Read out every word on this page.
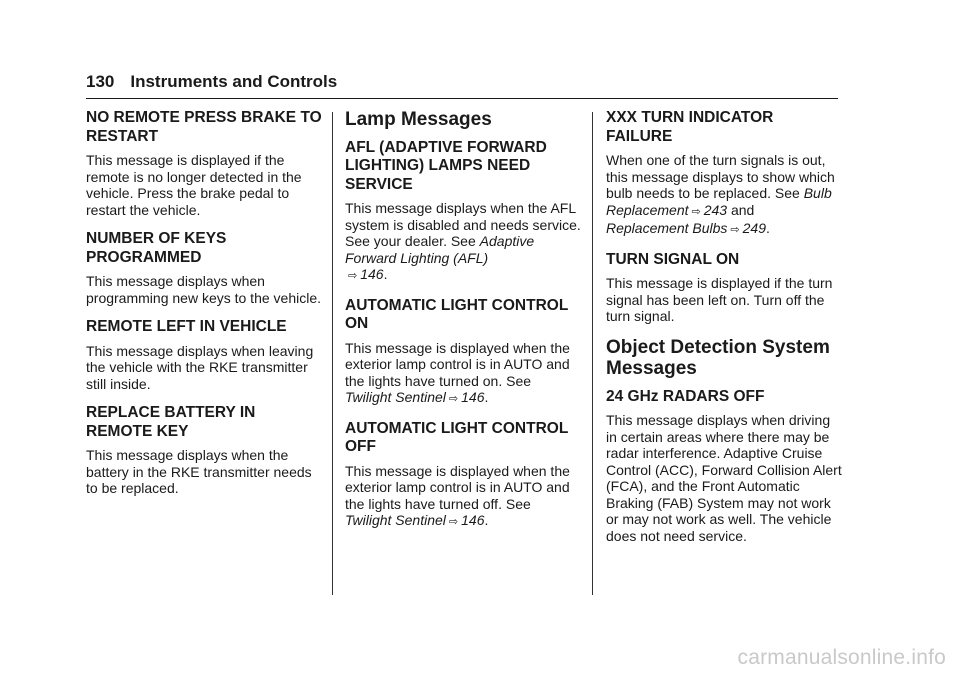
130 Instruments and Controls
NO REMOTE PRESS BRAKE TO RESTART
This message is displayed if the remote is no longer detected in the vehicle. Press the brake pedal to restart the vehicle.
NUMBER OF KEYS PROGRAMMED
This message displays when programming new keys to the vehicle.
REMOTE LEFT IN VEHICLE
This message displays when leaving the vehicle with the RKE transmitter still inside.
REPLACE BATTERY IN REMOTE KEY
This message displays when the battery in the RKE transmitter needs to be replaced.
Lamp Messages
AFL (ADAPTIVE FORWARD LIGHTING) LAMPS NEED SERVICE
This message displays when the AFL system is disabled and needs service. See your dealer. See Adaptive Forward Lighting (AFL)
⇨ 146.
AUTOMATIC LIGHT CONTROL ON
This message is displayed when the exterior lamp control is in AUTO and the lights have turned on. See Twilight Sentinel ⇨ 146.
AUTOMATIC LIGHT CONTROL OFF
This message is displayed when the exterior lamp control is in AUTO and the lights have turned off. See Twilight Sentinel ⇨ 146.
XXX TURN INDICATOR FAILURE
When one of the turn signals is out, this message displays to show which bulb needs to be replaced. See Bulb Replacement ⇨ 243 and
Replacement Bulbs ⇨ 249.
TURN SIGNAL ON
This message is displayed if the turn signal has been left on. Turn off the turn signal.
Object Detection System Messages
24 GHz RADARS OFF
This message displays when driving in certain areas where there may be radar interference. Adaptive Cruise Control (ACC), Forward Collision Alert (FCA), and the Front Automatic Braking (FAB) System may not work or may not work as well. The vehicle does not need service.
carmanualsonline.info
